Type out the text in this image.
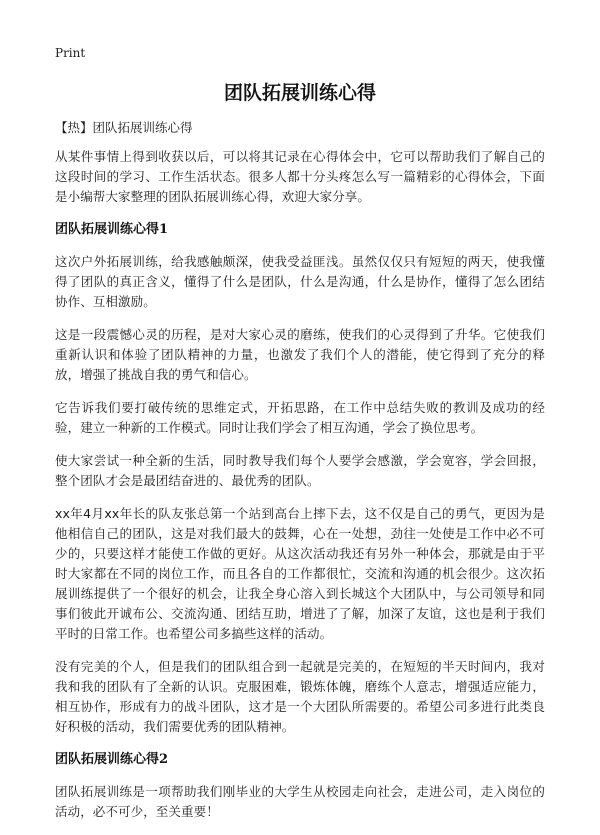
Print
团队拓展训练心得
【热】团队拓展训练心得

从某件事情上得到收获以后，可以将其记录在心得体会中，它可以帮助我们了解自己的这段时间的学习、工作生活状态。很多人都十分头疼怎么写一篇精彩的心得体会，下面是小编帮大家整理的团队拓展训练心得，欢迎大家分享。

团队拓展训练心得1

这次户外拓展训练，给我感触颇深，使我受益匪浅。虽然仅仅只有短短的两天，使我懂得了团队的真正含义，懂得了什么是团队，什么是沟通，什么是协作，懂得了怎么团结协作、互相激励。

这是一段震憾心灵的历程，是对大家心灵的磨练，使我们的心灵得到了升华。它使我们重新认识和体验了团队精神的力量，也激发了我们个人的潜能，使它得到了充分的释放，增强了挑战自我的勇气和信心。

它告诉我们要打破传统的思维定式，开拓思路，在工作中总结失败的教训及成功的经验，建立一种新的工作模式。同时让我们学会了相互沟通，学会了换位思考。

使大家尝试一种全新的生活，同时教导我们每个人要学会感激，学会宽容，学会回报，整个团队才会是最团结奋进的、最优秀的团队。

xx年4月xx年长的队友张总第一个站到高台上摔下去，这不仅是自己的勇气，更因为是他相信自己的团队，这是对我们最大的鼓舞，心在一处想，劲往一处使是工作中必不可少的，只要这样才能使工作做的更好。从这次活动我还有另外一种体会，那就是由于平时大家都在不同的岗位工作，而且各自的工作都很忙，交流和沟通的机会很少。这次拓展训练提供了一个很好的机会，让我全身心溶入到长城这个大团队中，与公司领导和同事们彼此开诚布公、交流沟通、团结互助，增进了了解，加深了友谊，这也是利于我们平时的日常工作。也希望公司多搞些这样的活动。

没有完美的个人，但是我们的团队组合到一起就是完美的，在短短的半天时间内，我对我和我的团队有了全新的认识。克服困难，锻炼体魄，磨练个人意志，增强适应能力，相互协作，形成有力的战斗团队，这才是一个大团队所需要的。希望公司多进行此类良好积极的活动，我们需要优秀的团队精神。

团队拓展训练心得2

团队拓展训练是一项帮助我们刚毕业的大学生从校园走向社会，走进公司，走入岗位的活动，必不可少，至关重要！
